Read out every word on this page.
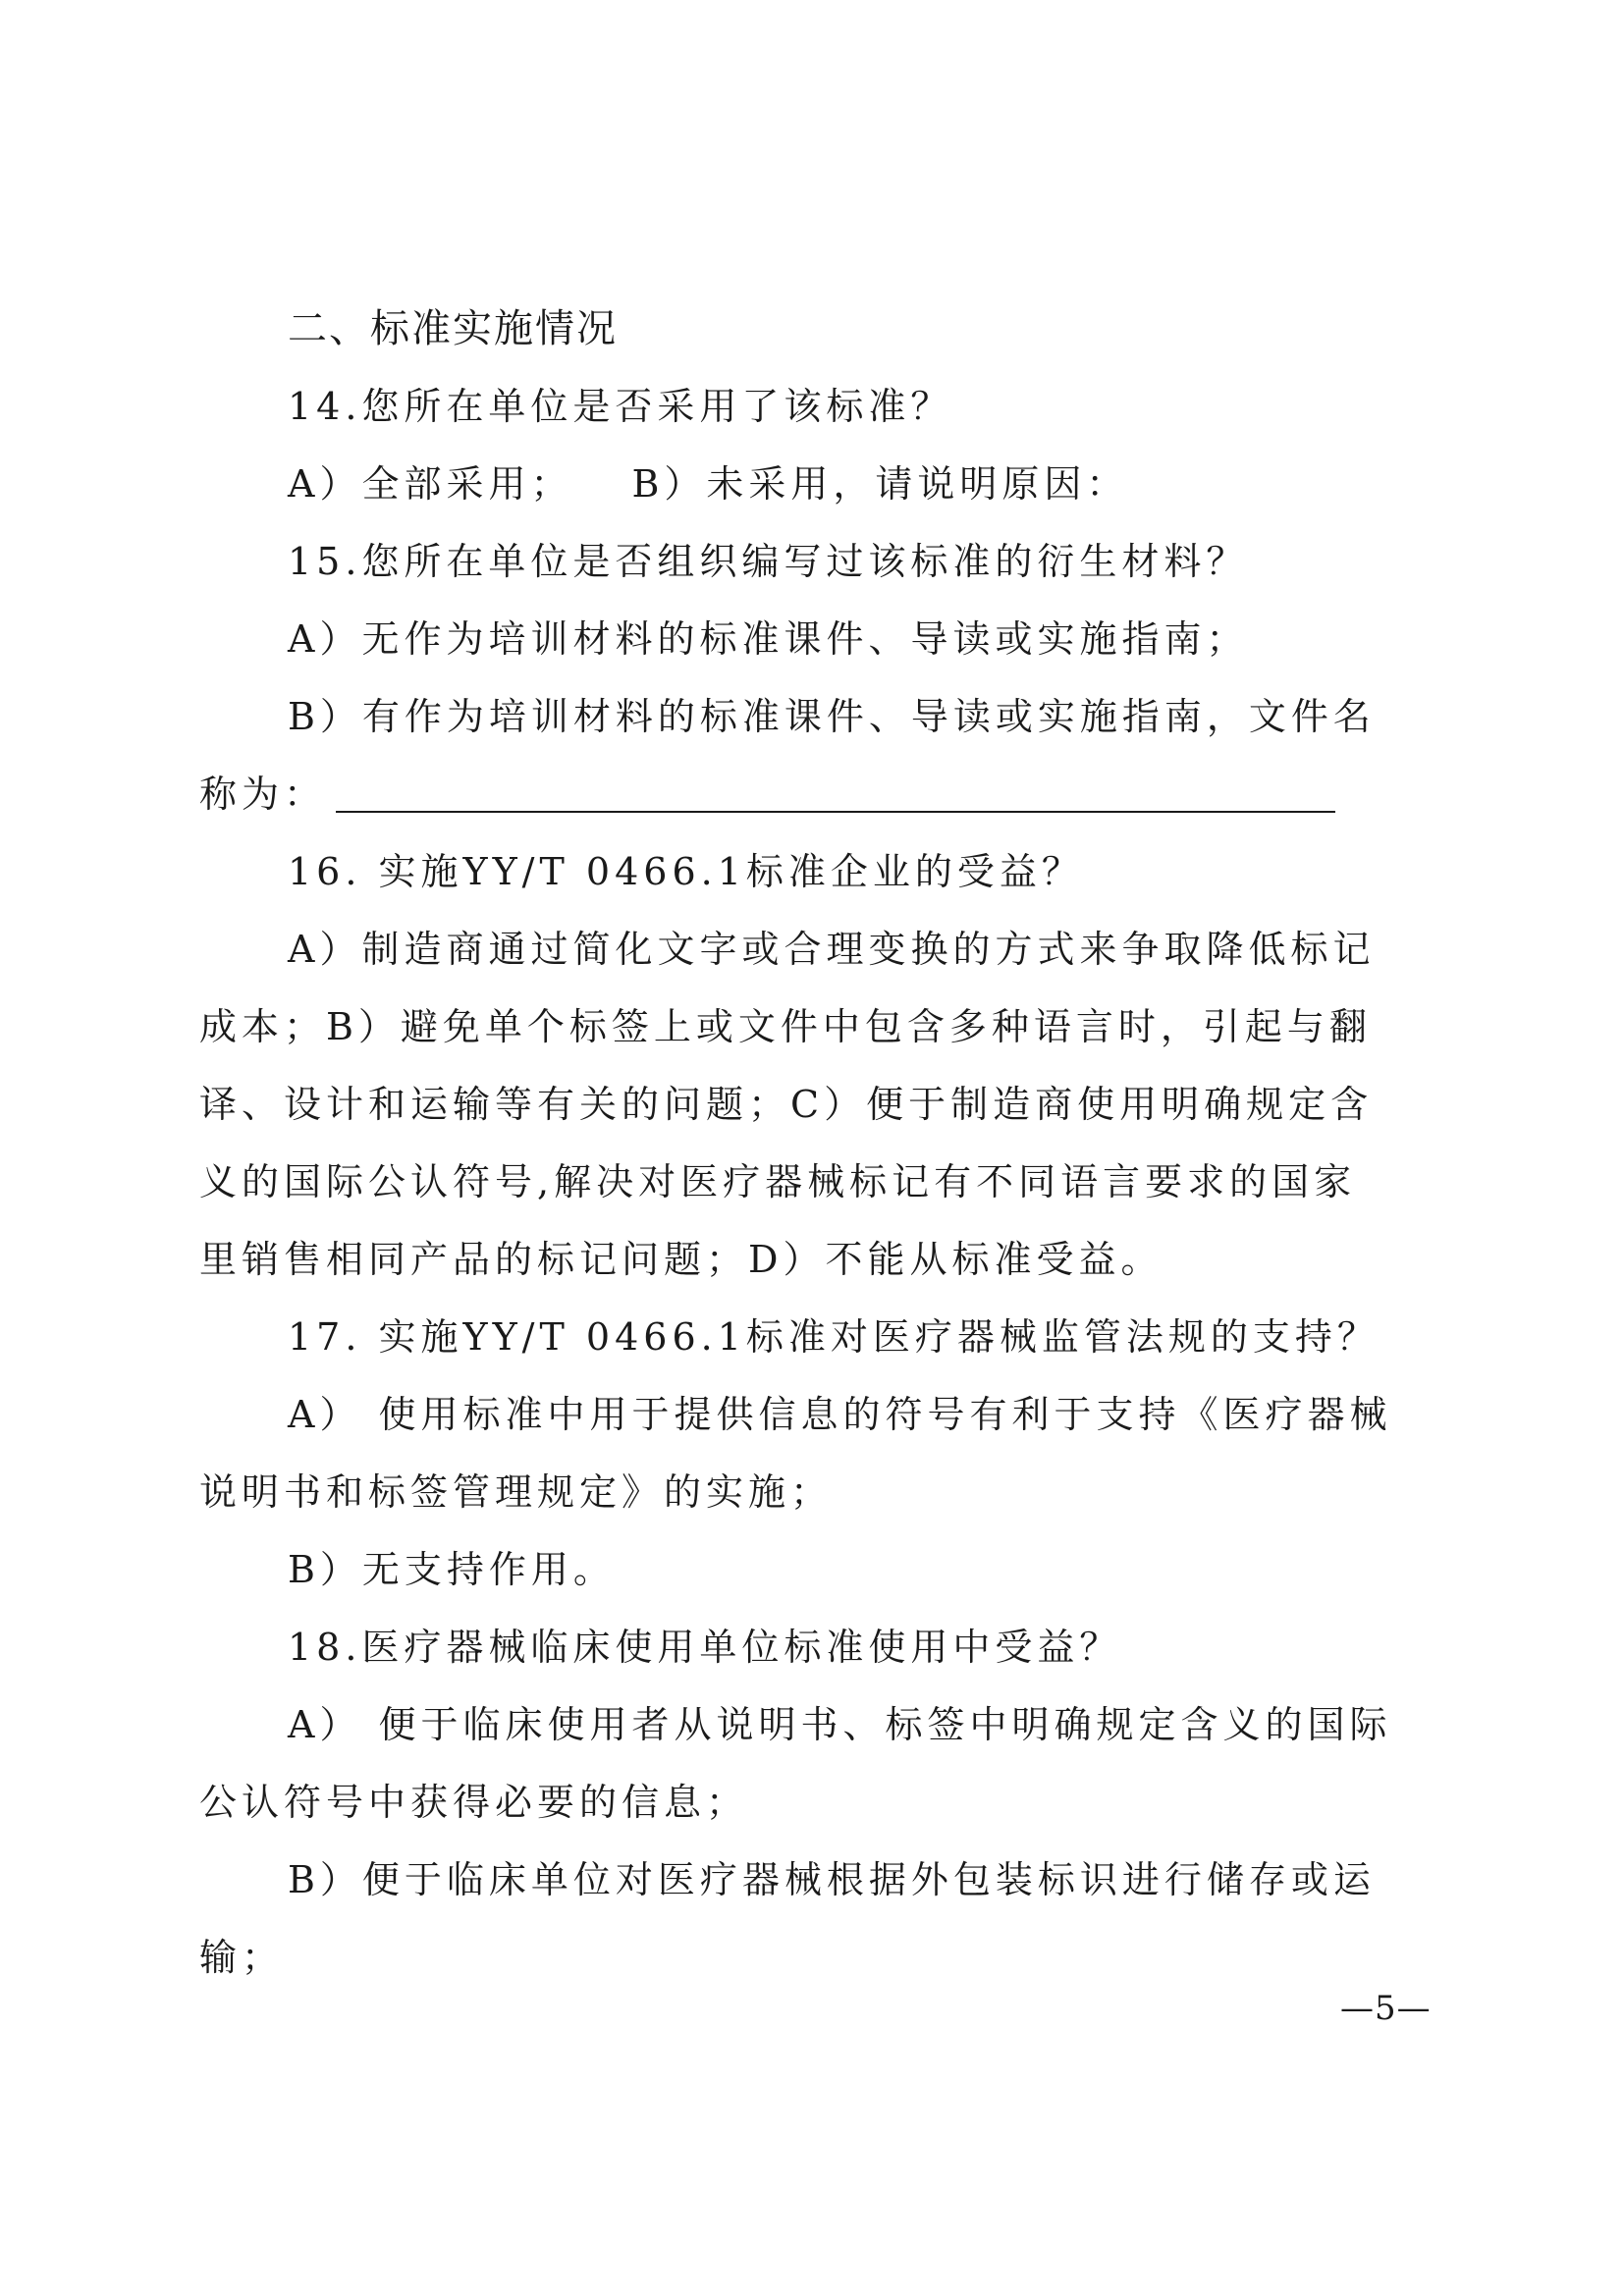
二、标准实施情况
14.您所在单位是否采用了该标准？
A）全部采用； B）未采用，请说明原因：
15.您所在单位是否组织编写过该标准的衍生材料？
A）无作为培训材料的标准课件、导读或实施指南；
B）有作为培训材料的标准课件、导读或实施指南，文件名
称为：
16. 实施YY/T 0466.1标准企业的受益？
A）制造商通过简化文字或合理变换的方式来争取降低标记
成本；B）避免单个标签上或文件中包含多种语言时，引起与翻
译、设计和运输等有关的问题；C）便于制造商使用明确规定含
义的国际公认符号,解决对医疗器械标记有不同语言要求的国家
里销售相同产品的标记问题；D）不能从标准受益。
17. 实施YY/T 0466.1标准对医疗器械监管法规的支持？
A） 使用标准中用于提供信息的符号有利于支持《医疗器械
说明书和标签管理规定》的实施；
B）无支持作用。
18.医疗器械临床使用单位标准使用中受益？
A） 便于临床使用者从说明书、标签中明确规定含义的国际
公认符号中获得必要的信息；
B）便于临床单位对医疗器械根据外包装标识进行储存或运
输；
—5—
